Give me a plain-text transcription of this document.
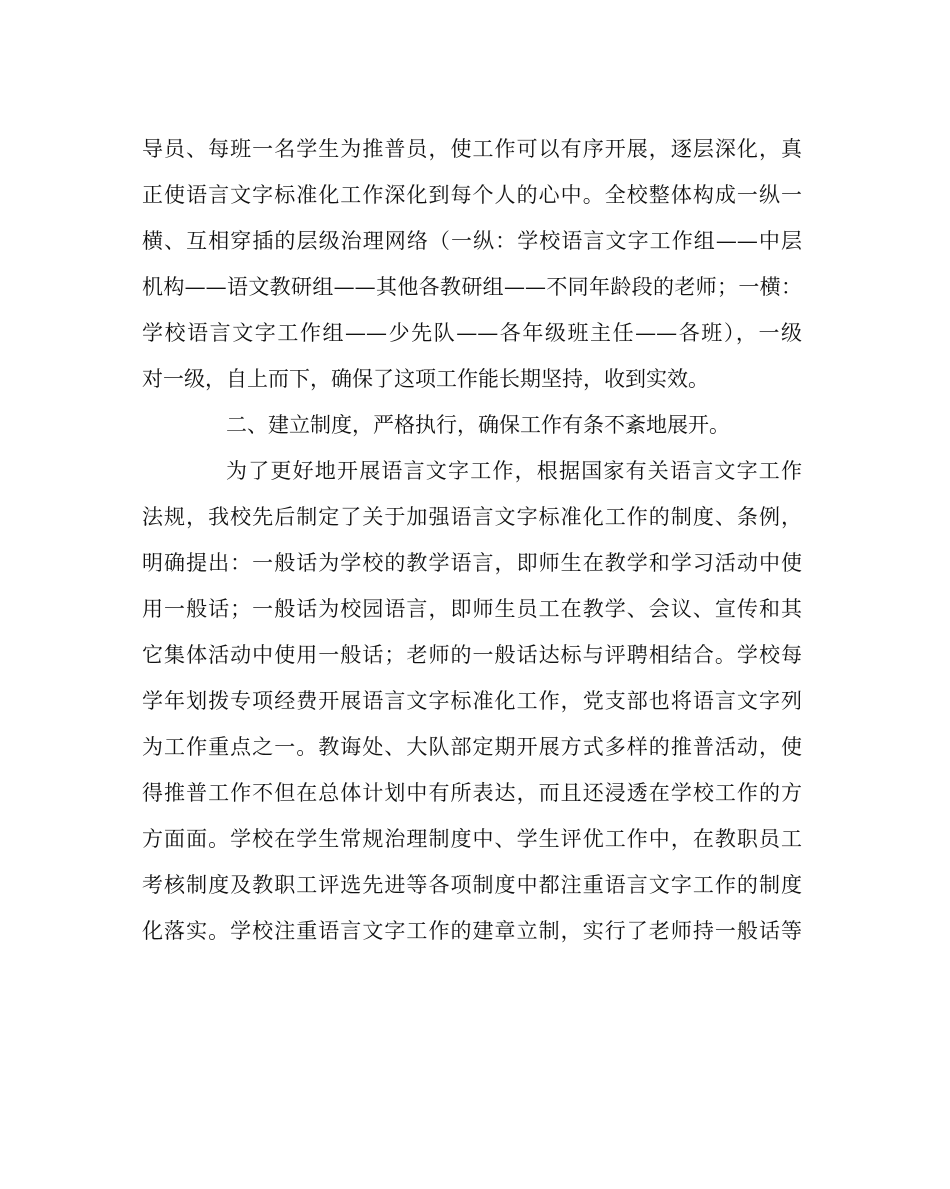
导员、每班一名学生为推普员，使工作可以有序开展，逐层深化，真
正使语言文字标准化工作深化到每个人的心中。全校整体构成一纵一
横、互相穿插的层级治理网络（一纵：学校语言文字工作组——中层
机构——语文教研组——其他各教研组——不同年龄段的老师；一横：
学校语言文字工作组——少先队——各年级班主任——各班），一级
对一级，自上而下，确保了这项工作能长期坚持，收到实效。
二、建立制度，严格执行，确保工作有条不紊地展开。
为了更好地开展语言文字工作，根据国家有关语言文字工作
法规，我校先后制定了关于加强语言文字标准化工作的制度、条例，
明确提出：一般话为学校的教学语言，即师生在教学和学习活动中使
用一般话；一般话为校园语言，即师生员工在教学、会议、宣传和其
它集体活动中使用一般话；老师的一般话达标与评聘相结合。学校每
学年划拨专项经费开展语言文字标准化工作，党支部也将语言文字列
为工作重点之一。教诲处、大队部定期开展方式多样的推普活动，使
得推普工作不但在总体计划中有所表达，而且还浸透在学校工作的方
方面面。学校在学生常规治理制度中、学生评优工作中，在教职员工
考核制度及教职工评选先进等各项制度中都注重语言文字工作的制度
化落实。学校注重语言文字工作的建章立制，实行了老师持一般话等
